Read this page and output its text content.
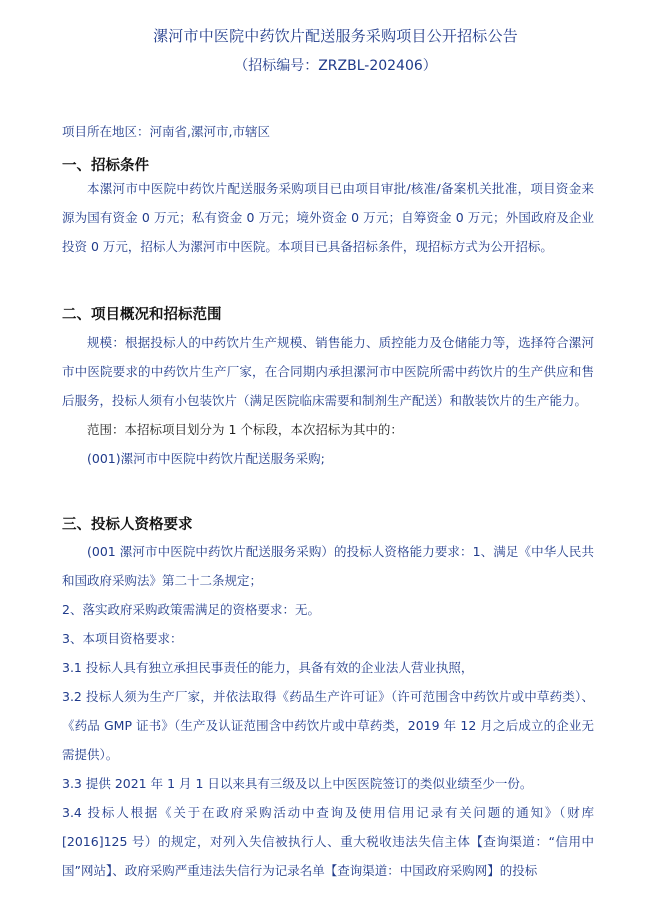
漯河市中医院中药饮片配送服务采购项目公开招标公告
（招标编号：ZRZBL-202406）
项目所在地区：河南省,漯河市,市辖区
一、招标条件

本漯河市中医院中药饮片配送服务采购项目已由项目审批/核准/备案机关批准，项目资金来源为国有资金 0 万元；私有资金 0 万元；境外资金 0 万元；自筹资金 0 万元；外国政府及企业投资 0 万元，招标人为漯河市中医院。本项目已具备招标条件，现招标方式为公开招标。

二、项目概况和招标范围

规模：根据投标人的中药饮片生产规模、销售能力、质控能力及仓储能力等，选择符合漯河市中医院要求的中药饮片生产厂家，在合同期内承担漯河市中医院所需中药饮片的生产供应和售后服务，投标人须有小包装饮片（满足医院临床需要和制剂生产配送）和散装饮片的生产能力。

范围：本招标项目划分为 1 个标段，本次招标为其中的：

(001)漯河市中医院中药饮片配送服务采购;

三、投标人资格要求

(001 漯河市中医院中药饮片配送服务采购）的投标人资格能力要求：1、满足《中华人民共和国政府采购法》第二十二条规定；

2、落实政府采购政策需满足的资格要求：无。

3、本项目资格要求：

3.1 投标人具有独立承担民事责任的能力，具备有效的企业法人营业执照，

3.2 投标人须为生产厂家，并依法取得《药品生产许可证》（许可范围含中药饮片或中草药类）、《药品 GMP 证书》（生产及认证范围含中药饮片或中草药类，2019 年 12 月之后成立的企业无需提供）。

3.3 提供 2021 年 1 月 1 日以来具有三级及以上中医医院签订的类似业绩至少一份。

3.4 投标人根据《关于在政府采购活动中查询及使用信用记录有关问题的通知》（财库[2016]125 号）的规定，对列入失信被执行人、重大税收违法失信主体【查询渠道：“信用中国”网站】、政府采购严重违法失信行为记录名单【查询渠道：中国政府采购网】的投标
